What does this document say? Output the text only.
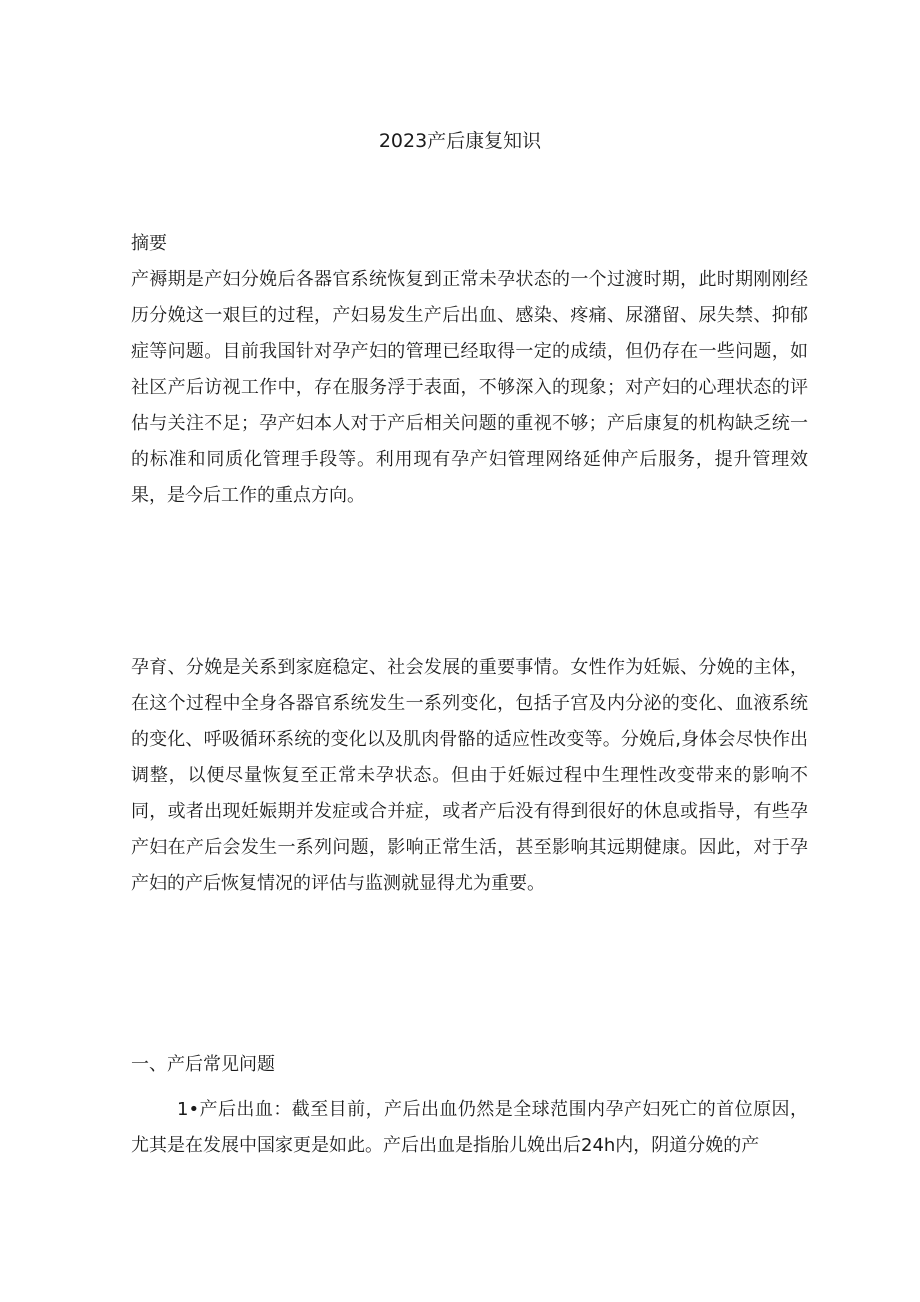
2023产后康复知识

摘要

产褥期是产妇分娩后各器官系统恢复到正常未孕状态的一个过渡时期，此时期刚刚经历分娩这一艰巨的过程，产妇易发生产后出血、感染、疼痛、尿潴留、尿失禁、抑郁症等问题。目前我国针对孕产妇的管理已经取得一定的成绩，但仍存在一些问题，如社区产后访视工作中，存在服务浮于表面，不够深入的现象；对产妇的心理状态的评估与关注不足；孕产妇本人对于产后相关问题的重视不够；产后康复的机构缺乏统一的标准和同质化管理手段等。利用现有孕产妇管理网络延伸产后服务，提升管理效果，是今后工作的重点方向。

孕育、分娩是关系到家庭稳定、社会发展的重要事情。女性作为妊娠、分娩的主体，在这个过程中全身各器官系统发生一系列变化，包括子宫及内分泌的变化、血液系统的变化、呼吸循环系统的变化以及肌肉骨骼的适应性改变等。分娩后,身体会尽快作出调整，以便尽量恢复至正常未孕状态。但由于妊娠过程中生理性改变带来的影响不同，或者出现妊娠期并发症或合并症，或者产后没有得到很好的休息或指导，有些孕产妇在产后会发生一系列问题，影响正常生活，甚至影响其远期健康。因此，对于孕产妇的产后恢复情况的评估与监测就显得尤为重要。

一、产后常见问题

1•产后出血：截至目前，产后出血仍然是全球范围内孕产妇死亡的首位原因，尤其是在发展中国家更是如此。产后出血是指胎儿娩出后24h内，阴道分娩的产
